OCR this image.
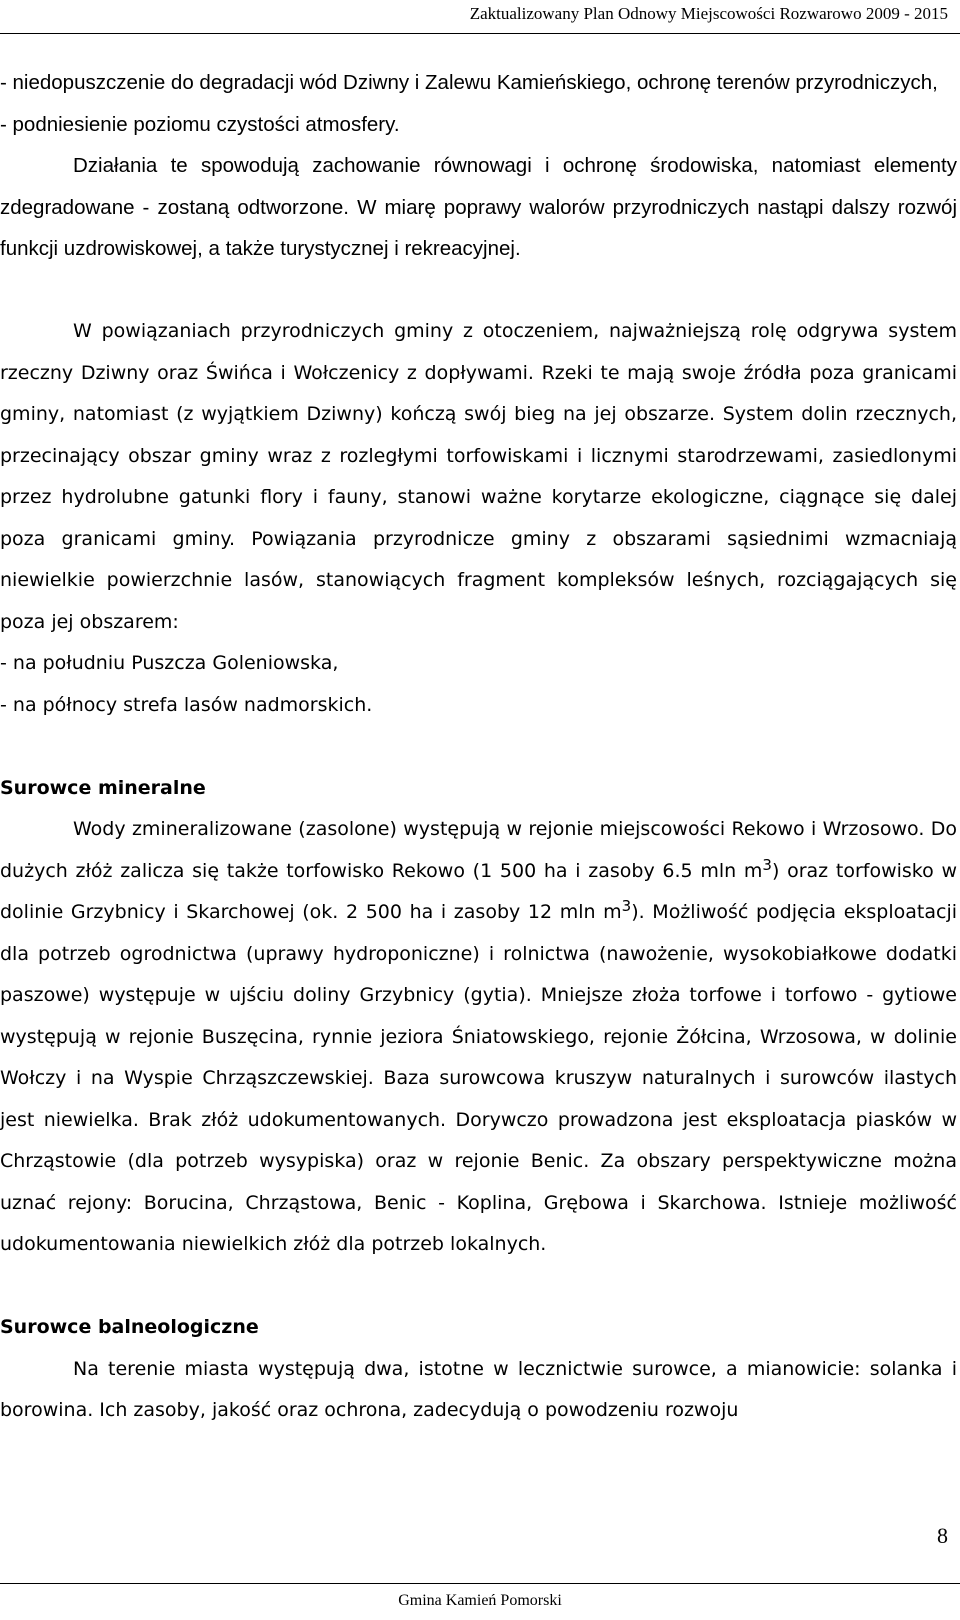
Zaktualizowany Plan Odnowy Miejscowości Rozwarowo 2009 - 2015

- niedopuszczenie do degradacji wód Dziwny i Zalewu Kamieńskiego, ochronę terenów przyrodniczych,

- podniesienie poziomu czystości atmosfery.

Działania te spowodują zachowanie równowagi i ochronę środowiska, natomiast elementy zdegradowane - zostaną odtworzone. W miarę poprawy walorów przyrodniczych nastąpi dalszy rozwój funkcji uzdrowiskowej, a także turystycznej i rekreacyjnej.

W powiązaniach przyrodniczych gminy z otoczeniem, najważniejszą rolę odgrywa system rzeczny Dziwny oraz Świńca i Wołczenicy z dopływami. Rzeki te mają swoje źródła poza granicami gminy, natomiast (z wyjątkiem Dziwny) kończą swój bieg na jej obszarze. System dolin rzecznych, przecinający obszar gminy wraz z rozległymi torfowiskami i licznymi starodrzewami, zasiedlonymi przez hydrolubne gatunki flory i fauny, stanowi ważne korytarze ekologiczne, ciągnące się dalej poza granicami gminy. Powiązania przyrodnicze gminy z obszarami sąsiednimi wzmacniają niewielkie powierzchnie lasów, stanowiących fragment kompleksów leśnych, rozciągających się poza jej obszarem:

- na południu Puszcza Goleniowska,

- na północy strefa lasów nadmorskich.

Surowce mineralne

Wody zmineralizowane (zasolone) występują w rejonie miejscowości Rekowo i Wrzosowo. Do dużych złóż zalicza się także torfowisko Rekowo (1 500 ha i zasoby 6.5 mln $m^3$) oraz torfowisko w dolinie Grzybnicy i Skarchowej (ok. 2 500 ha i zasoby 12 mln $m^3$). Możliwość podjęcia eksploatacji dla potrzeb ogrodnictwa (uprawy hydroponiczne) i rolnictwa (nawożenie, wysokobiałkowe dodatki paszowe) występuje w ujściu doliny Grzybnicy (gytia). Mniejsze złoża torfowe i torfowo - gytiowe występują w rejonie Buszęcina, rynnie jeziora Śniatowskiego, rejonie Żółcina, Wrzosowa, w dolinie Wołczy i na Wyspie Chrząszczewskiej. Baza surowcowa kruszyw naturalnych i surowców ilastych jest niewielka. Brak złóż udokumentowanych. Dorywczo prowadzona jest eksploatacja piasków w Chrząstowie (dla potrzeb wysypiska) oraz w rejonie Benic. Za obszary perspektywiczne można uznać rejony: Borucina, Chrząstowa, Benic - Koplina, Grębowa i Skarchowa. Istnieje możliwość udokumentowania niewielkich złóż dla potrzeb lokalnych.

Surowce balneologiczne

Na terenie miasta występują dwa, istotne w lecznictwie surowce, a mianowicie: solanka i borowina. Ich zasoby, jakość oraz ochrona, zadecydują o powodzeniu rozwoju

8
Gmina Kamień Pomorski
